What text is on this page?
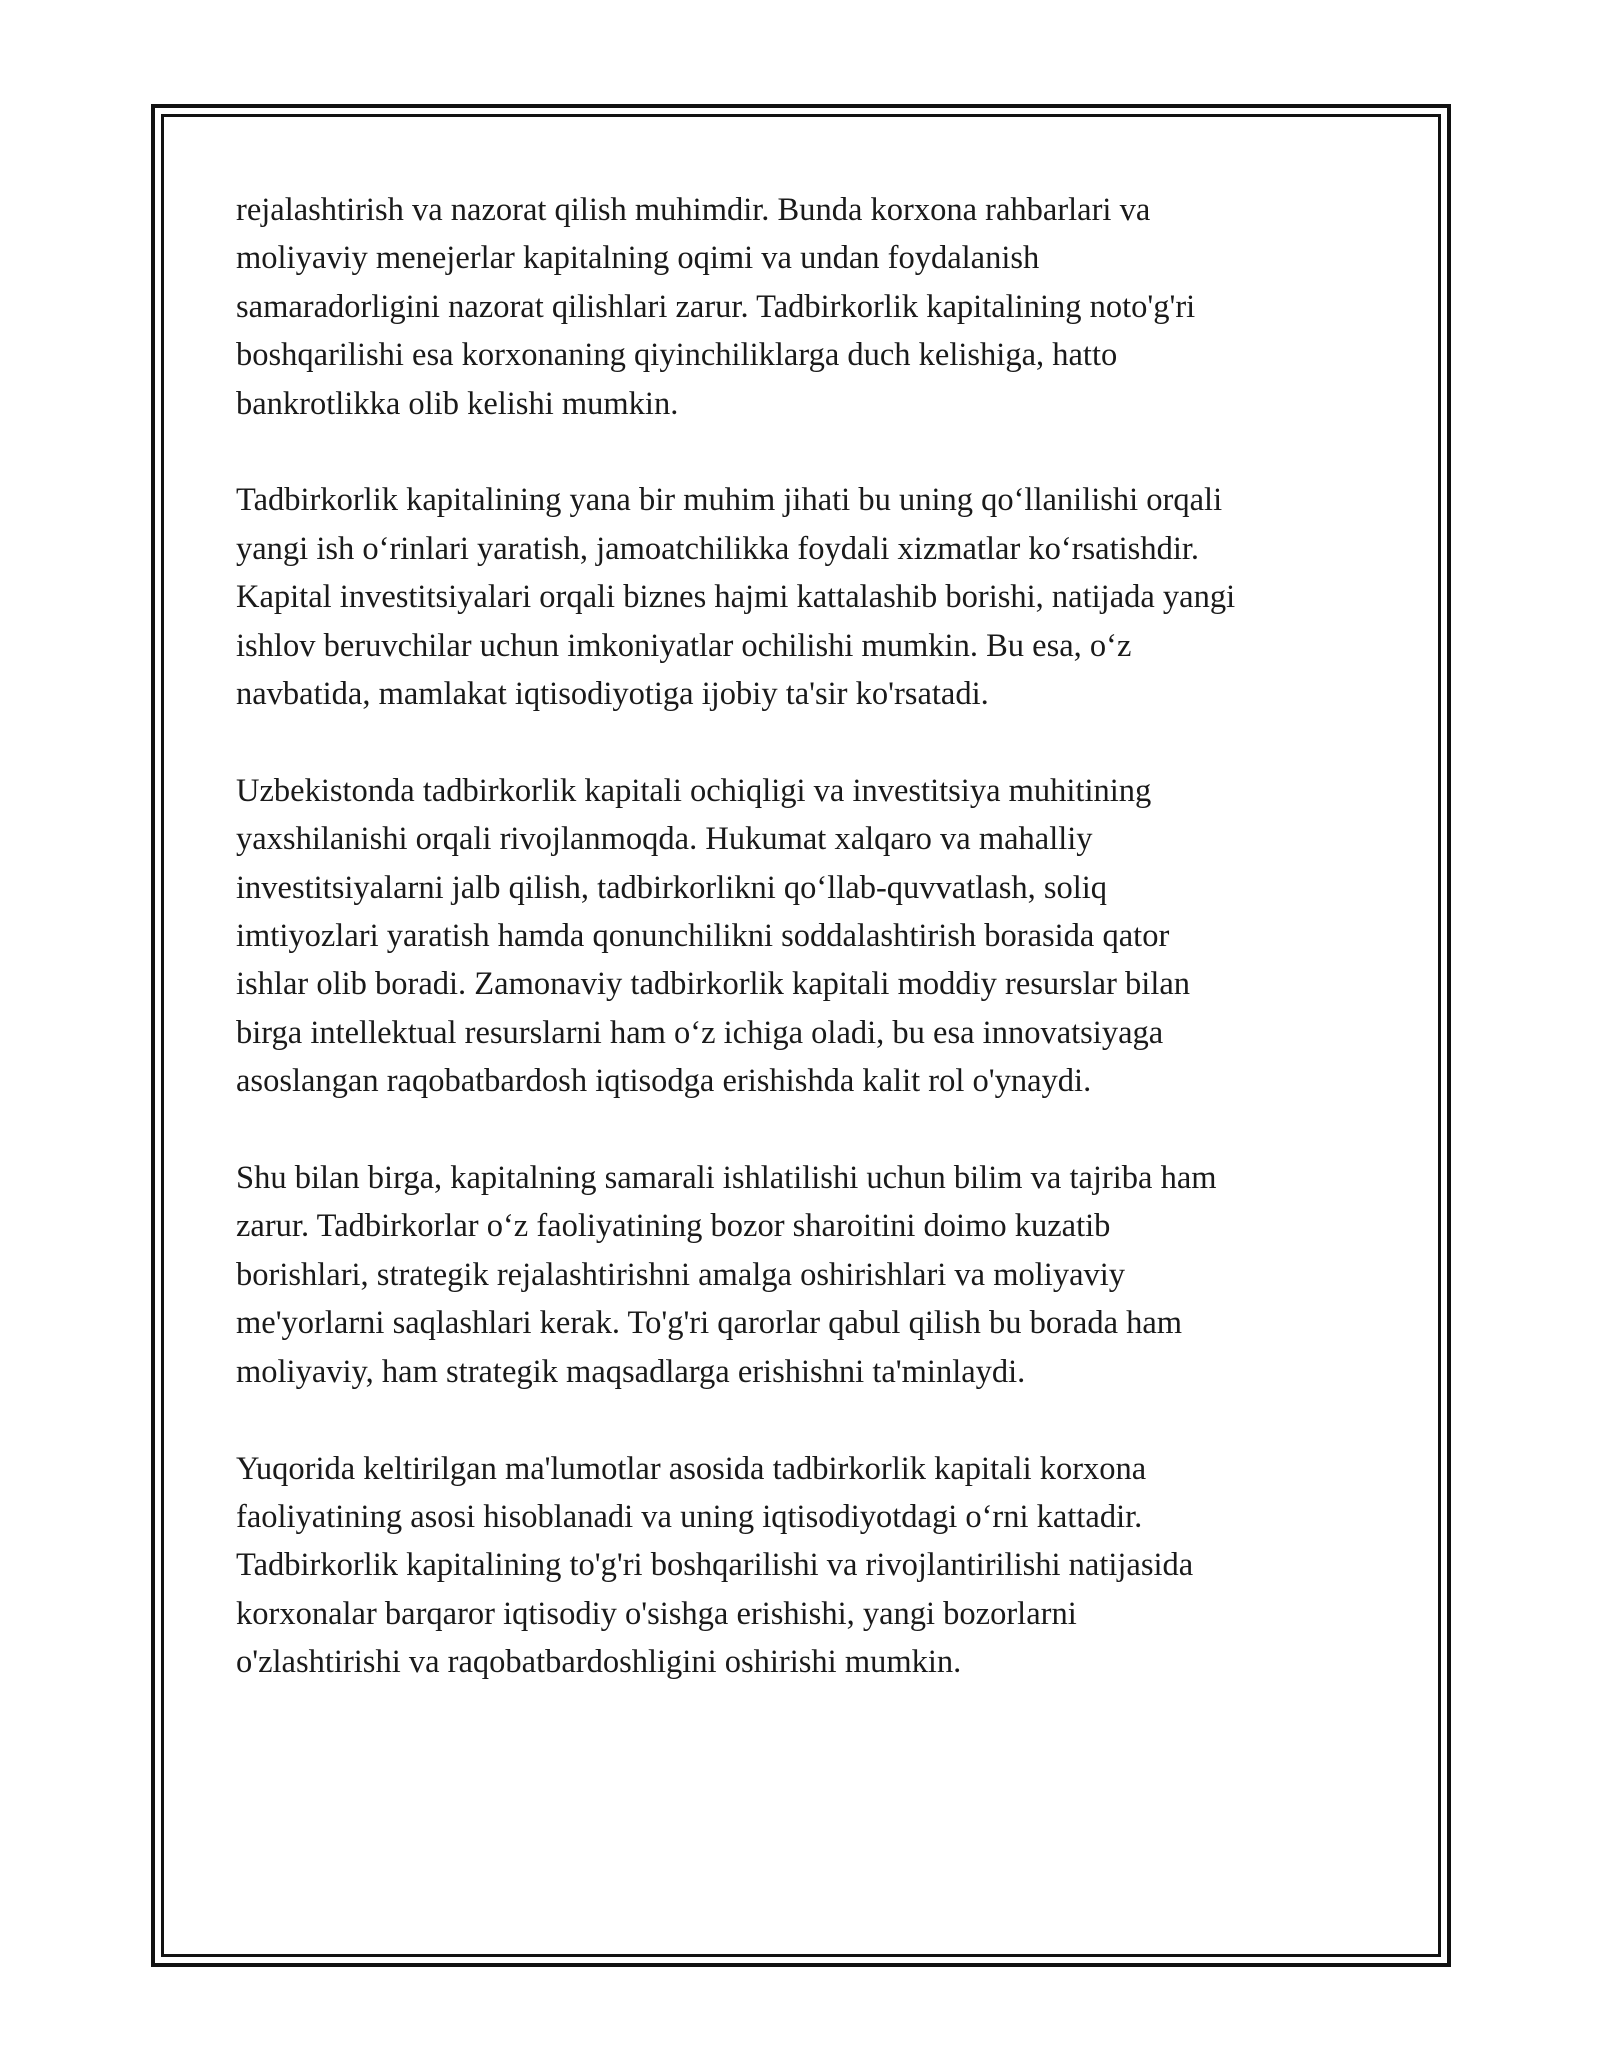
rejalashtirish va nazorat qilish muhimdir. Bunda korxona rahbarlari va
moliyaviy menejerlar kapitalning oqimi va undan foydalanish
samaradorligini nazorat qilishlari zarur. Tadbirkorlik kapitalining noto'g'ri
boshqarilishi esa korxonaning qiyinchiliklarga duch kelishiga, hatto
bankrotlikka olib kelishi mumkin.

Tadbirkorlik kapitalining yana bir muhim jihati bu uning qo‘llanilishi orqali
yangi ish o‘rinlari yaratish, jamoatchilikka foydali xizmatlar ko‘rsatishdir.
Kapital investitsiyalari orqali biznes hajmi kattalashib borishi, natijada yangi
ishlov beruvchilar uchun imkoniyatlar ochilishi mumkin. Bu esa, o‘z
navbatida, mamlakat iqtisodiyotiga ijobiy ta'sir ko'rsatadi.

Uzbekistonda tadbirkorlik kapitali ochiqligi va investitsiya muhitining
yaxshilanishi orqali rivojlanmoqda. Hukumat xalqaro va mahalliy
investitsiyalarni jalb qilish, tadbirkorlikni qo‘llab-quvvatlash, soliq
imtiyozlari yaratish hamda qonunchilikni soddalashtirish borasida qator
ishlar olib boradi. Zamonaviy tadbirkorlik kapitali moddiy resurslar bilan
birga intellektual resurslarni ham o‘z ichiga oladi, bu esa innovatsiyaga
asoslangan raqobatbardosh iqtisodga erishishda kalit rol o'ynaydi.

Shu bilan birga, kapitalning samarali ishlatilishi uchun bilim va tajriba ham
zarur. Tadbirkorlar o‘z faoliyatining bozor sharoitini doimo kuzatib
borishlari, strategik rejalashtirishni amalga oshirishlari va moliyaviy
me'yorlarni saqlashlari kerak. To'g'ri qarorlar qabul qilish bu borada ham
moliyaviy, ham strategik maqsadlarga erishishni ta'minlaydi.

Yuqorida keltirilgan ma'lumotlar asosida tadbirkorlik kapitali korxona
faoliyatining asosi hisoblanadi va uning iqtisodiyotdagi o‘rni kattadir.
Tadbirkorlik kapitalining to'g'ri boshqarilishi va rivojlantirilishi natijasida
korxonalar barqaror iqtisodiy o'sishga erishishi, yangi bozorlarni
o'zlashtirishi va raqobatbardoshligini oshirishi mumkin.
